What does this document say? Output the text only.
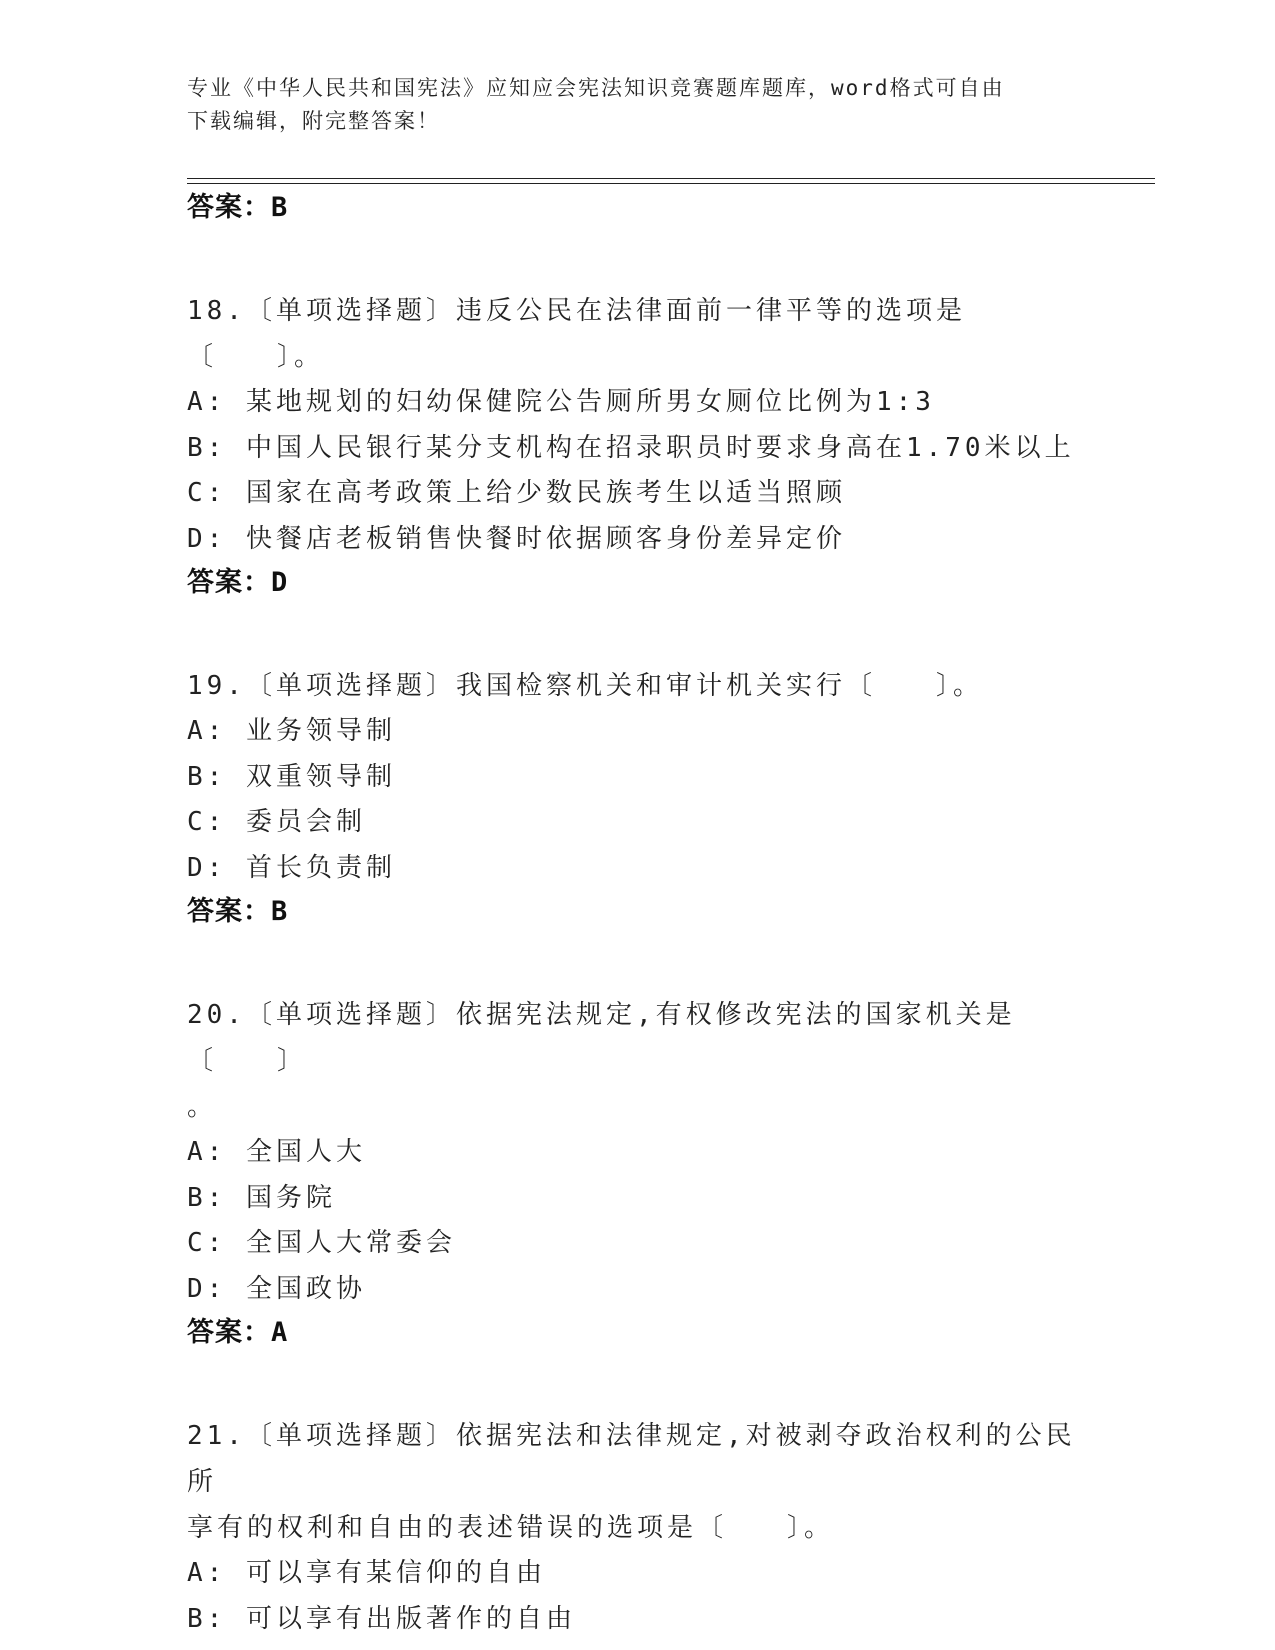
专业《中华人民共和国宪法》应知应会宪法知识竞赛题库题库，word格式可自由
下载编辑，附完整答案！

答案：B

18.〔单项选择题〕违反公民在法律面前一律平等的选项是〔　　〕。

A: 某地规划的妇幼保健院公告厕所男女厕位比例为1:3

B: 中国人民银行某分支机构在招录职员时要求身高在1.70米以上

C: 国家在高考政策上给少数民族考生以适当照顾

D: 快餐店老板销售快餐时依据顾客身份差异定价

答案：D

19.〔单项选择题〕我国检察机关和审计机关实行〔　　〕。

A: 业务领导制

B: 双重领导制

C: 委员会制

D: 首长负责制

答案：B

20.〔单项选择题〕依据宪法规定,有权修改宪法的国家机关是〔　　〕

。

A: 全国人大

B: 国务院

C: 全国人大常委会

D: 全国政协

答案：A

21.〔单项选择题〕依据宪法和法律规定,对被剥夺政治权利的公民所

享有的权利和自由的表述错误的选项是〔　　〕。

A: 可以享有某信仰的自由

B: 可以享有出版著作的自由
